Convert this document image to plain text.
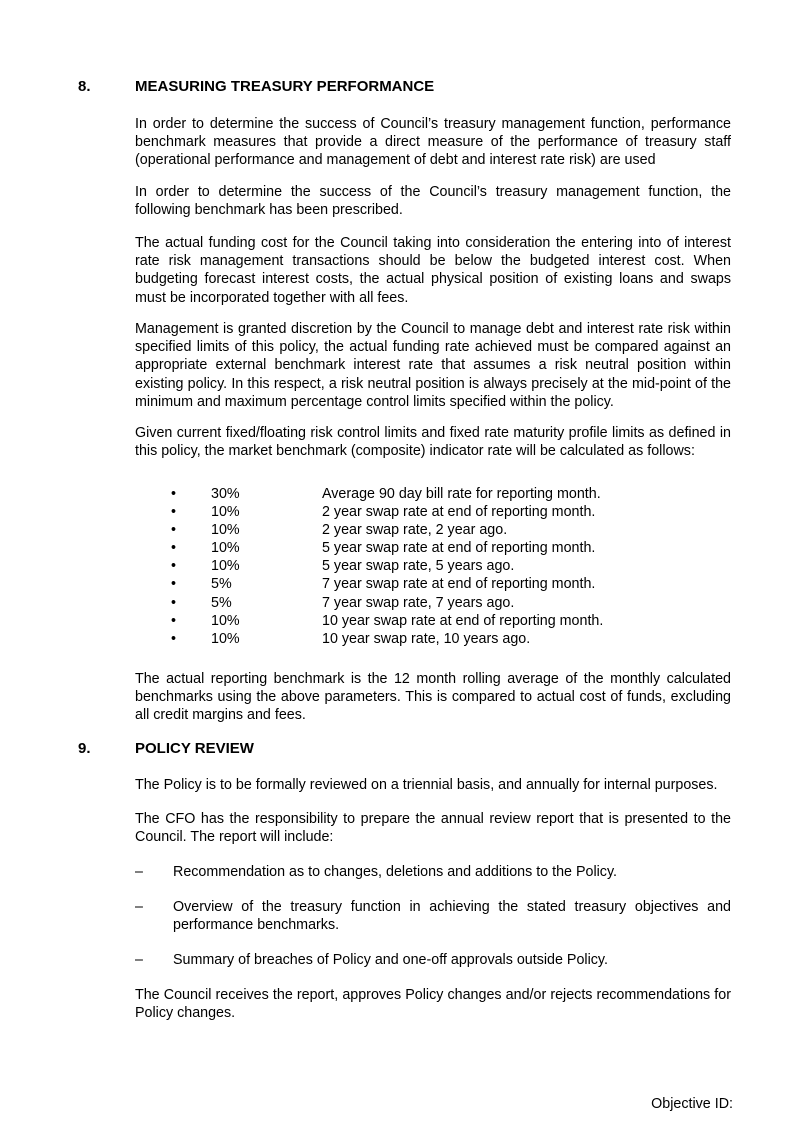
8.	MEASURING TREASURY PERFORMANCE

In order to determine the success of Council’s treasury management function, performance benchmark measures that provide a direct measure of the performance of treasury staff (operational performance and management of debt and interest rate risk) are used

In order to determine the success of the Council’s treasury management function, the following benchmark has been prescribed.

The actual funding cost for the Council taking into consideration the entering into of interest rate risk management transactions should be below the budgeted interest cost. When budgeting forecast interest costs, the actual physical position of existing loans and swaps must be incorporated together with all fees.

Management is granted discretion by the Council to manage debt and interest rate risk within specified limits of this policy, the actual funding rate achieved must be compared against an appropriate external benchmark interest rate that assumes a risk neutral position within existing policy. In this respect, a risk neutral position is always precisely at the mid-point of the minimum and maximum percentage control limits specified within the policy.

Given current fixed/floating risk control limits and fixed rate maturity profile limits as defined in this policy, the market benchmark (composite) indicator rate will be calculated as follows:

•	30%	Average 90 day bill rate for reporting month.
•	10%	2 year swap rate at end of reporting month.
•	10%	2 year swap rate, 2 year ago.
•	10%	5 year swap rate at end of reporting month.
•	10%	5 year swap rate, 5 years ago.
•	5%	7 year swap rate at end of reporting month.
•	5%	7 year swap rate, 7 years ago.
•	10%	10 year swap rate at end of reporting month.
•	10%	10 year swap rate, 10 years ago.

The actual reporting benchmark is the 12 month rolling average of the monthly calculated benchmarks using the above parameters. This is compared to actual cost of funds, excluding all credit margins and fees.

9.	POLICY REVIEW

The Policy is to be formally reviewed on a triennial basis, and annually for internal purposes.

The CFO has the responsibility to prepare the annual review report that is presented to the Council. The report will include:

–	Recommendation as to changes, deletions and additions to the Policy.
–	Overview of the treasury function in achieving the stated treasury objectives and performance benchmarks.
–	Summary of breaches of Policy and one-off approvals outside Policy.

The Council receives the report, approves Policy changes and/or rejects recommendations for Policy changes.

Objective ID:
